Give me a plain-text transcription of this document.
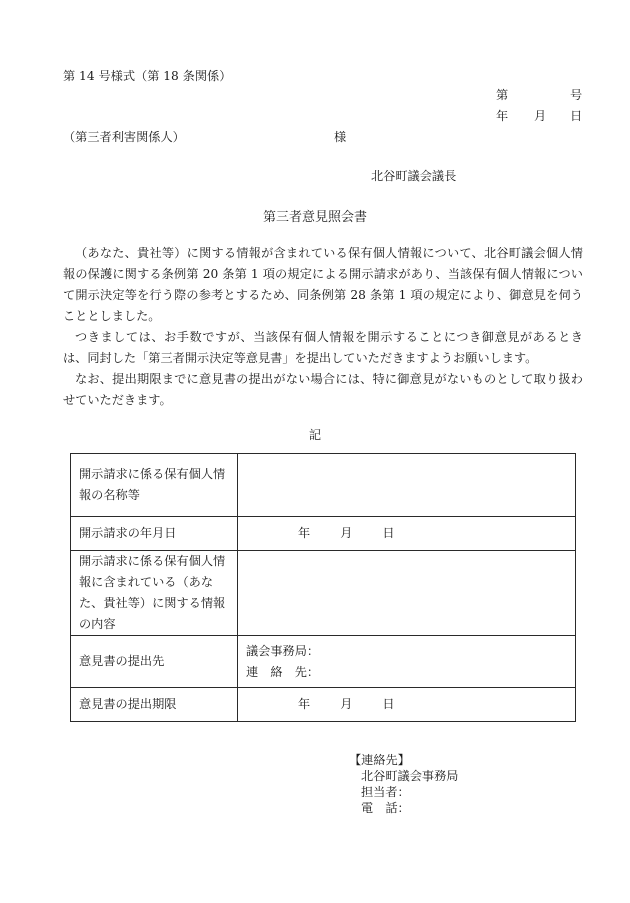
第 14 号様式（第 18 条関係）
第	号
年 月 日
（第三者利害関係人）	様
北谷町議会議長
第三者意見照会書

（あなた、貴社等）に関する情報が含まれている保有個人情報について、北谷町議会個人情報の保護に関する条例第 20 条第 1 項の規定による開示請求があり、当該保有個人情報について開示決定等を行う際の参考とするため、同条例第 28 条第 1 項の規定により、御意見を伺うこととしました。

つきましては、お手数ですが、当該保有個人情報を開示することにつき御意見があるときは、同封した「第三者開示決定等意見書」を提出していただきますようお願いします。

なお、提出期限までに意見書の提出がない場合には、特に御意見がないものとして取り扱わせていただきます。

記
開示請求に係る保有個人情報の名称等	
開示請求の年月日	年 月 日
開示請求に係る保有個人情報に含まれている（あなた、貴社等）に関する情報の内容	
意見書の提出先	議会事務局：
連　絡　先：

意見書の提出期限	年 月 日
【連絡先】
北谷町議会事務局
担当者：
電　話：
